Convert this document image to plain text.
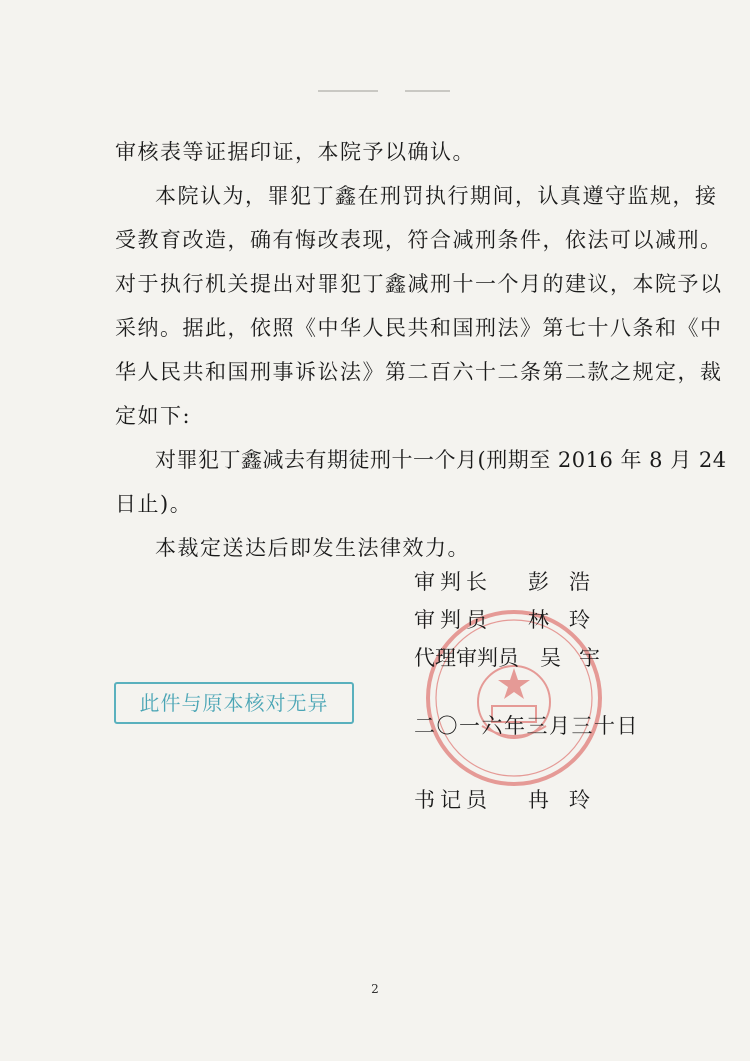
审核表等证据印证，本院予以确认。
本院认为，罪犯丁鑫在刑罚执行期间，认真遵守监规，接
受教育改造，确有悔改表现，符合减刑条件，依法可以减刑。
对于执行机关提出对罪犯丁鑫减刑十一个月的建议，本院予以
采纳。据此，依照《中华人民共和国刑法》第七十八条和《中
华人民共和国刑事诉讼法》第二百六十二条第二款之规定，裁
定如下:
对罪犯丁鑫减去有期徒刑十一个月(刑期至 2016 年 8 月 24
日止)。
本裁定送达后即发生法律效力。
审判长 彭浩
审判员 林玲
代理审判员 吴宇
此件与原本核对无异
二〇一六年三月三十日
书记员 冉玲
2
